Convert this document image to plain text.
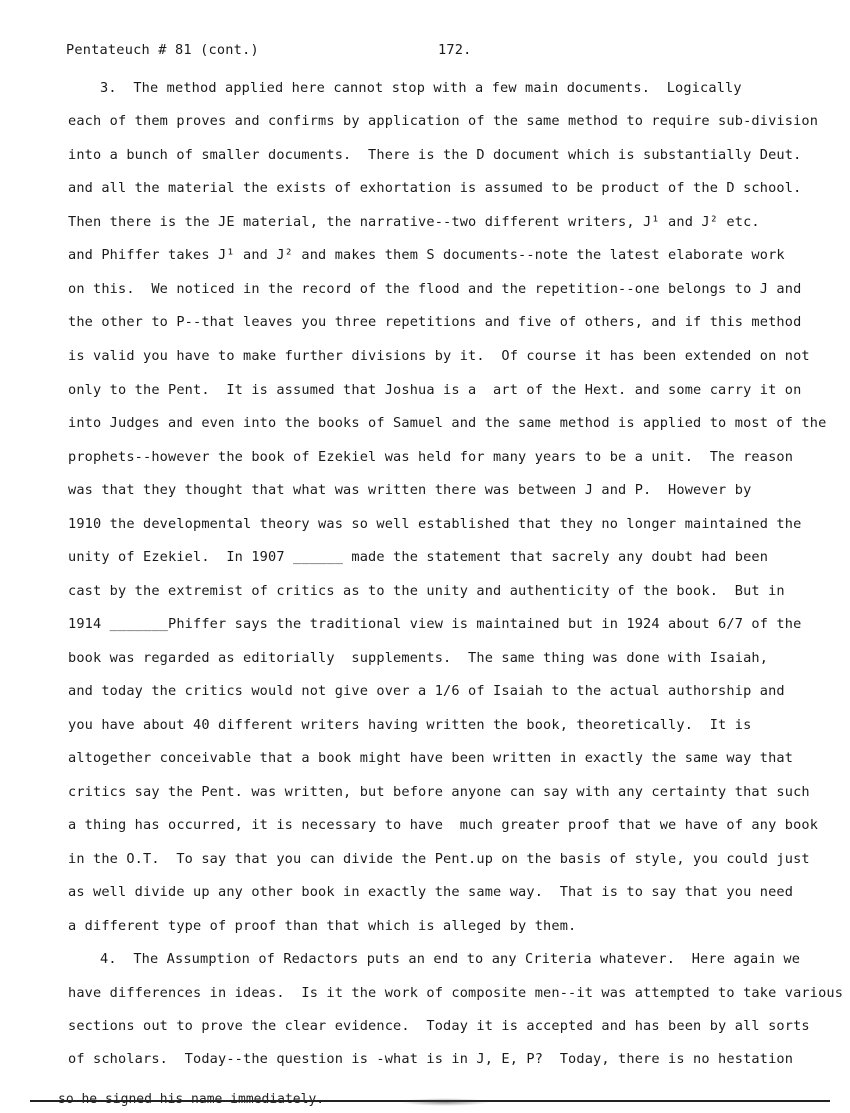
Pentateuch # 81 (cont.)	172.
3.  The method applied here cannot stop with a few main documents.  Logically
each of them proves and confirms by application of the same method to require sub-division
into a bunch of smaller documents.  There is the D document which is substantially Deut.
and all the material the exists of exhortation is assumed to be product of the D school.
Then there is the JE material, the narrative--two different writers, J¹ and J² etc.
and Phiffer takes J¹ and J² and makes them S documents--note the latest elaborate work
on this.  We noticed in the record of the flood and the repetition--one belongs to J and
the other to P--that leaves you three repetitions and five of others, and if this method
is valid you have to make further divisions by it.  Of course it has been extended on not
only to the Pent.  It is assumed that Joshua is a  art of the Hext. and some carry it on
into Judges and even into the books of Samuel and the same method is applied to most of the
prophets--however the book of Ezekiel was held for many years to be a unit.  The reason
was that they thought that what was written there was between J and P.  However by
1910 the developmental theory was so well established that they no longer maintained the
unity of Ezekiel.  In 1907 ______ made the statement that sacrely any doubt had been
cast by the extremist of critics as to the unity and authenticity of the book.  But in
1914 _______Phiffer says the traditional view is maintained but in 1924 about 6/7 of the
book was regarded as editorially  supplements.  The same thing was done with Isaiah,
and today the critics would not give over a 1/6 of Isaiah to the actual authorship and
you have about 40 different writers having written the book, theoretically.  It is
altogether conceivable that a book might have been written in exactly the same way that
critics say the Pent. was written, but before anyone can say with any certainty that such
a thing has occurred, it is necessary to have  much greater proof that we have of any book
in the O.T.  To say that you can divide the Pent.up on the basis of style, you could just
as well divide up any other book in exactly the same way.  That is to say that you need
a different type of proof than that which is alleged by them.
4.  The Assumption of Redactors puts an end to any Criteria whatever.  Here again we
have differences in ideas.  Is it the work of composite men--it was attempted to take various
sections out to prove the clear evidence.  Today it is accepted and has been by all sorts
of scholars.  Today--the question is -what is in J, E, P?  Today, there is no hestation
